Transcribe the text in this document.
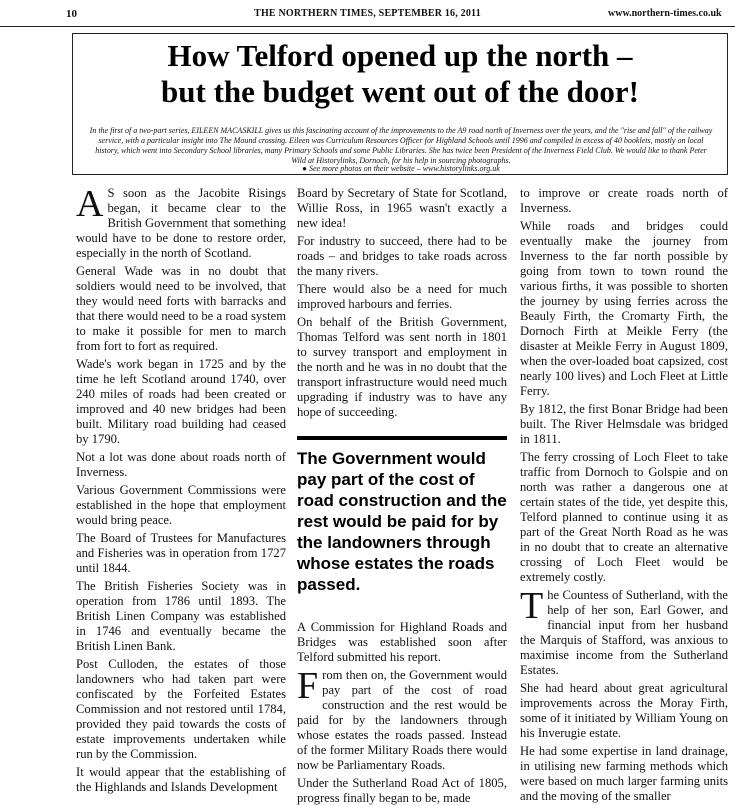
10	THE NORTHERN TIMES, SEPTEMBER 16, 2011	www.northern-times.co.uk
How Telford opened up the north –
but the budget went out of the door!
In the first of a two-part series, EILEEN MACASKILL gives us this fascinating account of the improvements to the A9 road north of Inverness over the years, and the "rise and fall" of the railway service, with a particular insight into The Mound crossing. Eileen was Curriculum Resources Officer for Highland Schools until 1996 and compiled in excess of 40 booklets, mostly on local history, which went into Secondary School libraries, many Primary Schools and some Public Libraries. She has twice been President of the Inverness Field Club. We would like to thank Peter Wild at Historylinks, Dornoch, for his help in sourcing photographs.
● See more photos on their website – www.historylinks.org.uk

A S soon as the Jacobite Risings began, it became clear to the British Government that something would have to be done to restore order, especially in the north of Scotland.

General Wade was in no doubt that soldiers would need to be involved, that they would need forts with barracks and that there would need to be a road system to make it possible for men to march from fort to fort as required.

Wade's work began in 1725 and by the time he left Scotland around 1740, over 240 miles of roads had been created or improved and 40 new bridges had been built. Military road building had ceased by 1790.

Not a lot was done about roads north of Inverness.

Various Government Commissions were established in the hope that employment would bring peace.

The Board of Trustees for Manufactures and Fisheries was in operation from 1727 until 1844.

The British Fisheries Society was in operation from 1786 until 1893. The British Linen Company was established in 1746 and eventually became the British Linen Bank.

Post Culloden, the estates of those landowners who had taken part were confiscated by the Forfeited Estates Commission and not restored until 1784, provided they paid towards the costs of estate improvements undertaken while run by the Commission.

It would appear that the establishing of the Highlands and Islands Development

Board by Secretary of State for Scotland, Willie Ross, in 1965 wasn't exactly a new idea!

For industry to succeed, there had to be roads – and bridges to take roads across the many rivers.

There would also be a need for much improved harbours and ferries.

On behalf of the British Government, Thomas Telford was sent north in 1801 to survey transport and employment in the north and he was in no doubt that the transport infrastructure would need much upgrading if industry was to have any hope of succeeding.

The Government would pay part of the cost of road construction and the rest would be paid for by the landowners through whose estates the roads passed.

A Commission for Highland Roads and Bridges was established soon after Telford submitted his report.

From then on, the Government would pay part of the cost of road construction and the rest would be paid for by the landowners through whose estates the roads passed. Instead of the former Military Roads there would now be Parliamentary Roads.

Under the Sutherland Road Act of 1805, progress finally began to be, made

to improve or create roads north of Inverness.

While roads and bridges could eventually make the journey from Inverness to the far north possible by going from town to town round the various firths, it was possible to shorten the journey by using ferries across the Beauly Firth, the Cromarty Firth, the Dornoch Firth at Meikle Ferry (the disaster at Meikle Ferry in August 1809, when the over-loaded boat capsized, cost nearly 100 lives) and Loch Fleet at Little Ferry.

By 1812, the first Bonar Bridge had been built. The River Helmsdale was bridged in 1811.

The ferry crossing of Loch Fleet to take traffic from Dornoch to Golspie and on north was rather a dangerous one at certain states of the tide, yet despite this, Telford planned to continue using it as part of the Great North Road as he was in no doubt that to create an alternative crossing of Loch Fleet would be extremely costly.

The Countess of Sutherland, with the help of her son, Earl Gower, and financial input from her husband the Marquis of Stafford, was anxious to maximise income from the Sutherland Estates.

She had heard about great agricultural improvements across the Moray Firth, some of it initiated by William Young on his Inverugie estate.

He had some expertise in land drainage, in utilising new farming methods which were based on much larger farming units and the moving of the smaller
